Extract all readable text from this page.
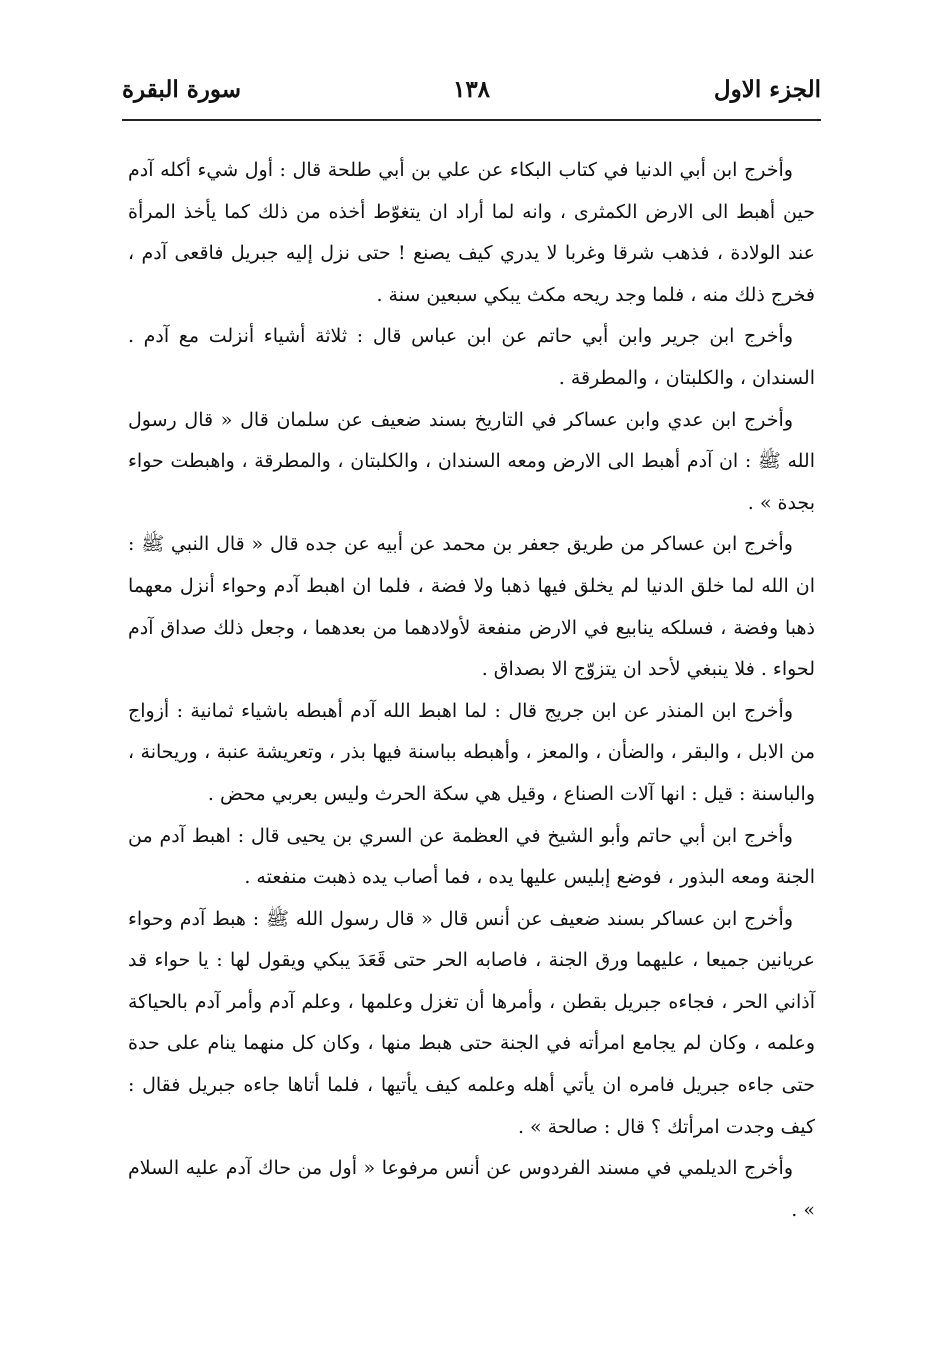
الجزء الاول
١٣٨
سورة البقرة

وأخرج ابن أبي الدنيا في كتاب البكاء عن علي بن أبي طلحة قال : أول شيء أكله آدم حين أهبط الى الارض الكمثرى ، وانه لما أراد ان يتغوّط أخذه من ذلك كما يأخذ المرأة عند الولادة ، فذهب شرقا وغربا لا يدري كيف يصنع ! حتى نزل إليه جبريل فاقعى آدم ، فخرج ذلك منه ، فلما وجد ريحه مكث يبكي سبعين سنة .

وأخرج ابن جرير وابن أبي حاتم عن ابن عباس قال : ثلاثة أشياء أنزلت مع آدم . السندان ، والكلبتان ، والمطرقة .

وأخرج ابن عدي وابن عساكر في التاريخ بسند ضعيف عن سلمان قال « قال رسول الله ﷺ : ان آدم أهبط الى الارض ومعه السندان ، والكلبتان ، والمطرقة ، واهبطت حواء بجدة » .

وأخرج ابن عساكر من طريق جعفر بن محمد عن أبيه عن جده قال « قال النبي ﷺ : ان الله لما خلق الدنيا لم يخلق فيها ذهبا ولا فضة ، فلما ان اهبط آدم وحواء أنزل معهما ذهبا وفضة ، فسلكه ينابيع في الارض منفعة لأولادهما من بعدهما ، وجعل ذلك صداق آدم لحواء . فلا ينبغي لأحد ان يتزوّج الا بصداق .

وأخرج ابن المنذر عن ابن جريج قال : لما اهبط الله آدم أهبطه باشياء ثمانية : أزواج من الابل ، والبقر ، والضأن ، والمعز ، وأهبطه بباسنة فيها بذر ، وتعريشة عنبة ، وريحانة ، والباسنة : قيل : انها آلات الصناع ، وقيل هي سكة الحرث وليس بعربي محض .

وأخرج ابن أبي حاتم وأبو الشيخ في العظمة عن السري بن يحيى قال : اهبط آدم من الجنة ومعه البذور ، فوضع إبليس عليها يده ، فما أصاب يده ذهبت منفعته .

وأخرج ابن عساكر بسند ضعيف عن أنس قال « قال رسول الله ﷺ : هبط آدم وحواء عريانين جميعا ، عليهما ورق الجنة ، فاصابه الحر حتى قَعَدَ يبكي ويقول لها : يا حواء قد آذاني الحر ، فجاءه جبريل بقطن ، وأمرها أن تغزل وعلمها ، وعلم آدم وأمر آدم بالحياكة وعلمه ، وكان لم يجامع امرأته في الجنة حتى هبط منها ، وكان كل منهما ينام على حدة حتى جاءه جبريل فامره ان يأتي أهله وعلمه كيف يأتيها ، فلما أتاها جاءه جبريل فقال : كيف وجدت امرأتك ؟ قال : صالحة » .

وأخرج الديلمي في مسند الفردوس عن أنس مرفوعا « أول من حاك آدم عليه السلام » .
